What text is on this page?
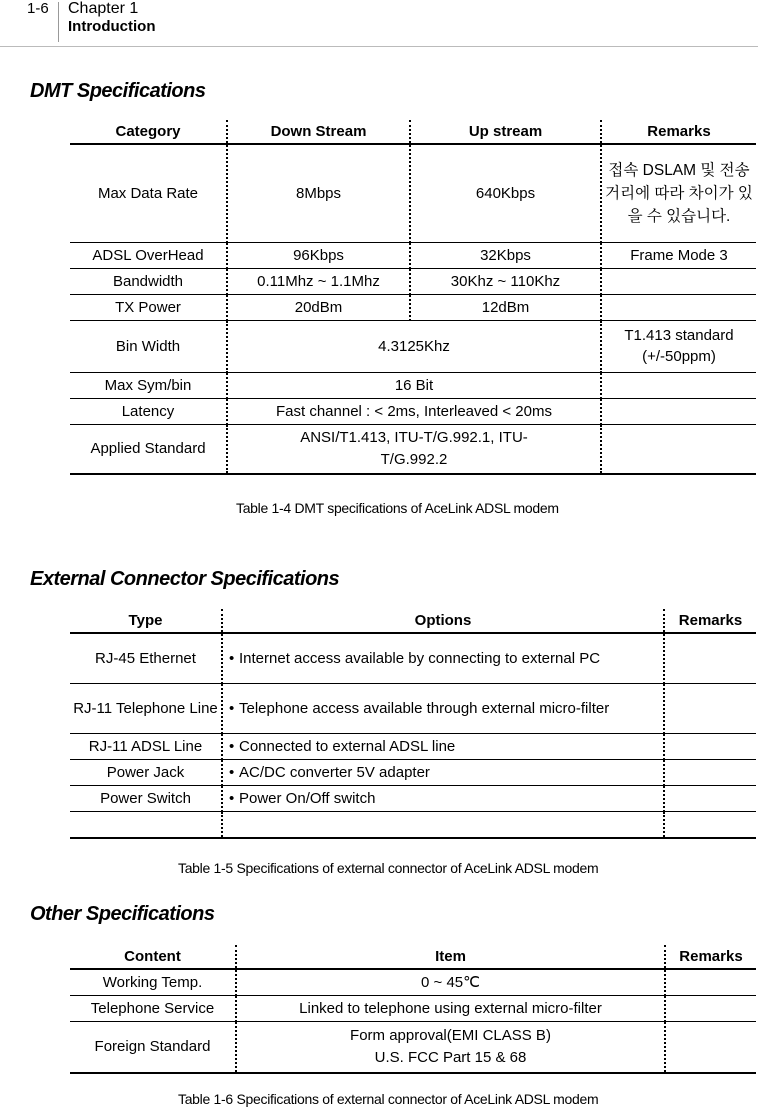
1-6 Chapter 1
Introduction
DMT Specifications
Category	Down Stream	Up stream	Remarks
Max Data Rate	8Mbps	640Kbps	접속 DSLAM 및 전송거리에 따라 차이가 있을 수 있습니다.
ADSL OverHead	96Kbps	32Kbps	Frame Mode 3
Bandwidth	0.11Mhz ~ 1.1Mhz	30Khz ~ 110Khz	
TX Power	20dBm	12dBm	
Bin Width	4.3125Khz		T1.413 standard (+/-50ppm)
Max Sym/bin	16 Bit		
Latency	Fast channel : < 2ms, Interleaved < 20ms		
Applied Standard	ANSI/T1.413, ITU-T/G.992.1, ITU-T/G.992.2		
Table 1-4 DMT specifications of AceLink ADSL modem
External Connector Specifications
Type	Options	Remarks
RJ-45 Ethernet	• Internet access available by connecting to external PC	
RJ-11 Telephone Line	• Telephone access available through external micro-filter	
RJ-11 ADSL Line	• Connected to external ADSL line	
Power Jack	• AC/DC converter 5V adapter	
Power Switch	• Power On/Off switch	

Table 1-5 Specifications of external connector of AceLink ADSL modem
Other Specifications
Content	Item	Remarks
Working Temp.	0 ~ 45℃	
Telephone Service	Linked to telephone using external micro-filter	
Foreign Standard	Form approval(EMI CLASS B)
U.S. FCC Part 15 & 68	

Table 1-6 Specifications of external connector of AceLink ADSL modem
